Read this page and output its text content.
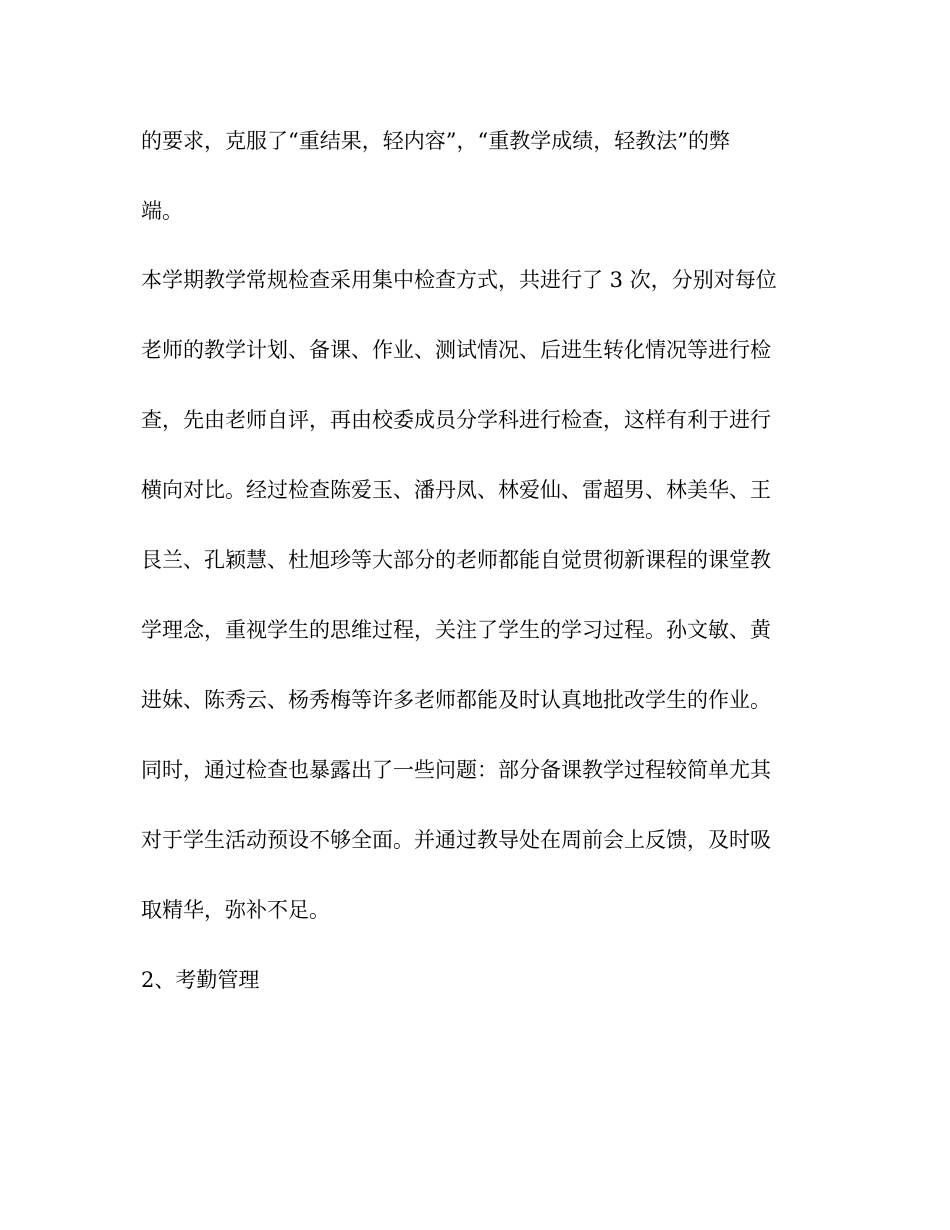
的要求，克服了“重结果，轻内容”，“重教学成绩，轻教法”的弊

端。

本学期教学常规检查采用集中检查方式，共进行了 3 次，分别对每位

老师的教学计划、备课、作业、测试情况、后进生转化情况等进行检

查，先由老师自评，再由校委成员分学科进行检查，这样有利于进行

横向对比。经过检查陈爱玉、潘丹凤、林爱仙、雷超男、林美华、王

艮兰、孔颖慧、杜旭珍等大部分的老师都能自觉贯彻新课程的课堂教

学理念，重视学生的思维过程，关注了学生的学习过程。孙文敏、黄

进妹、陈秀云、杨秀梅等许多老师都能及时认真地批改学生的作业。

同时，通过检查也暴露出了一些问题：部分备课教学过程较简单尤其

对于学生活动预设不够全面。并通过教导处在周前会上反馈，及时吸

取精华，弥补不足。

2、考勤管理
